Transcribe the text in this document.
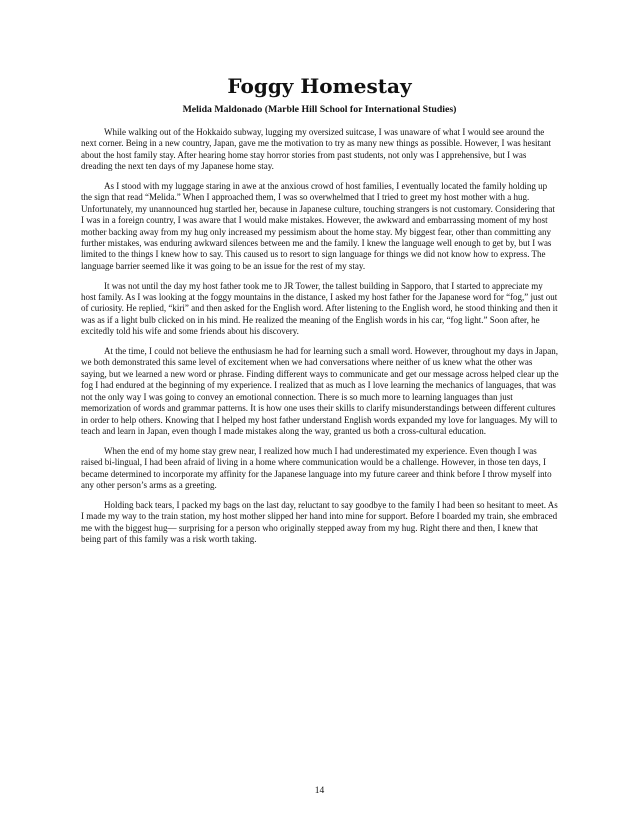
Foggy Homestay
Melida Maldonado (Marble Hill School for International Studies)

While walking out of the Hokkaido subway, lugging my oversized suitcase, I was unaware of what I would see around the next corner. Being in a new country, Japan, gave me the motivation to try as many new things as possible. However, I was hesitant about the host family stay. After hearing home stay horror stories from past students, not only was I apprehensive, but I was dreading the next ten days of my Japanese home stay.

As I stood with my luggage staring in awe at the anxious crowd of host families, I eventually located the family holding up the sign that read “Melida.” When I approached them, I was so overwhelmed that I tried to greet my host mother with a hug. Unfortunately, my unannounced hug startled her, because in Japanese culture, touching strangers is not customary. Considering that I was in a foreign country, I was aware that I would make mistakes. However, the awkward and embarrassing moment of my host mother backing away from my hug only increased my pessimism about the home stay. My biggest fear, other than committing any further mistakes, was enduring awkward silences between me and the family. I knew the language well enough to get by, but I was limited to the things I knew how to say. This caused us to resort to sign language for things we did not know how to express. The language barrier seemed like it was going to be an issue for the rest of my stay.

It was not until the day my host father took me to JR Tower, the tallest building in Sapporo, that I started to appreciate my host family. As I was looking at the foggy mountains in the distance, I asked my host father for the Japanese word for “fog,” just out of curiosity. He replied, “kiri” and then asked for the English word. After listening to the English word, he stood thinking and then it was as if a light bulb clicked on in his mind. He realized the meaning of the English words in his car, “fog light.” Soon after, he excitedly told his wife and some friends about his discovery.

At the time, I could not believe the enthusiasm he had for learning such a small word. However, throughout my days in Japan, we both demonstrated this same level of excitement when we had conversations where neither of us knew what the other was saying, but we learned a new word or phrase. Finding different ways to communicate and get our message across helped clear up the fog I had endured at the beginning of my experience. I realized that as much as I love learning the mechanics of languages, that was not the only way I was going to convey an emotional connection. There is so much more to learning languages than just memorization of words and grammar patterns. It is how one uses their skills to clarify misunderstandings between different cultures in order to help others. Knowing that I helped my host father understand English words expanded my love for languages. My will to teach and learn in Japan, even though I made mistakes along the way, granted us both a cross-cultural education.

When the end of my home stay grew near, I realized how much I had underestimated my experience. Even though I was raised bi-lingual, I had been afraid of living in a home where communication would be a challenge. However, in those ten days, I became determined to incorporate my affinity for the Japanese language into my future career and think before I throw myself into any other person’s arms as a greeting.

Holding back tears, I packed my bags on the last day, reluctant to say goodbye to the family I had been so hesitant to meet. As I made my way to the train station, my host mother slipped her hand into mine for support. Before I boarded my train, she embraced me with the biggest hug— surprising for a person who originally stepped away from my hug. Right there and then, I knew that being part of this family was a risk worth taking.

14
